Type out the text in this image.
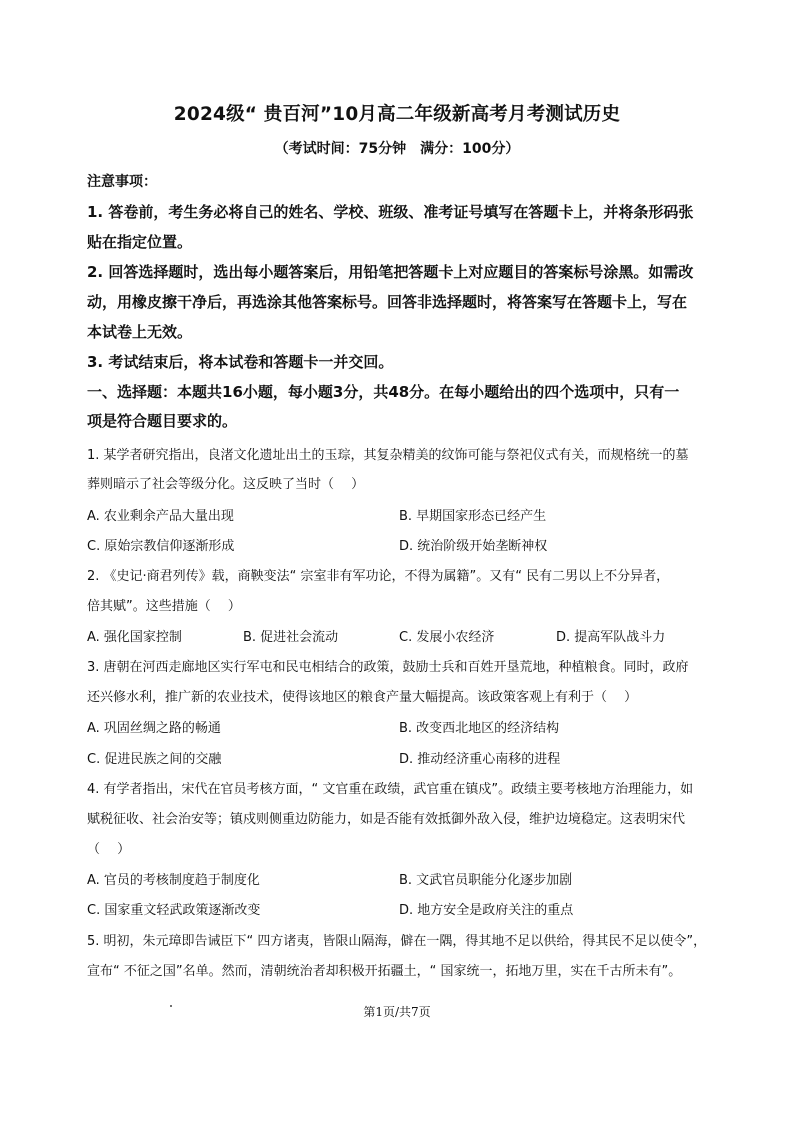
2024级“ 贵百河”10月高二年级新高考月考测试历史
（考试时间：75分钟　满分：100分）
注意事项：
1. 答卷前，考生务必将自己的姓名、学校、班级、准考证号填写在答题卡上，并将条形码张
贴在指定位置。
2. 回答选择题时，选出每小题答案后，用铅笔把答题卡上对应题目的答案标号涂黑。如需改
动，用橡皮擦干净后，再选涂其他答案标号。回答非选择题时，将答案写在答题卡上，写在
本试卷上无效。
3. 考试结束后，将本试卷和答题卡一并交回。
一、选择题：本题共16小题，每小题3分，共48分。在每小题给出的四个选项中，只有一
项是符合题目要求的。
1. 某学者研究指出，良渚文化遗址出土的玉琮，其复杂精美的纹饰可能与祭祀仪式有关，而规格统一的墓
葬则暗示了社会等级分化。这反映了当时（　 ）
A. 农业剩余产品大量出现	B. 早期国家形态已经产生
C. 原始宗教信仰逐渐形成	D. 统治阶级开始垄断神权
2. 《史记·商君列传》载，商鞅变法“ 宗室非有军功论，不得为属籍”。又有“ 民有二男以上不分异者，
倍其赋”。这些措施（　 ）
A. 强化国家控制	B. 促进社会流动	C. 发展小农经济	D. 提高军队战斗力
3. 唐朝在河西走廊地区实行军屯和民屯相结合的政策，鼓励士兵和百姓开垦荒地，种植粮食。同时，政府
还兴修水利，推广新的农业技术，使得该地区的粮食产量大幅提高。该政策客观上有利于（　 ）
A. 巩固丝绸之路的畅通	B. 改变西北地区的经济结构
C. 促进民族之间的交融	D. 推动经济重心南移的进程
4. 有学者指出，宋代在官员考核方面，“ 文官重在政绩，武官重在镇戍”。政绩主要考核地方治理能力，如
赋税征收、社会治安等；镇戍则侧重边防能力，如是否能有效抵御外敌入侵，维护边境稳定。这表明宋代
（　 ）
A. 官员的考核制度趋于制度化	B. 文武官员职能分化逐步加剧
C. 国家重文轻武政策逐渐改变	D. 地方安全是政府关注的重点
5. 明初，朱元璋即告诫臣下“ 四方诸夷，皆限山隔海，僻在一隅，得其地不足以供给，得其民不足以使令”，
宣布“ 不征之国”名单。然而，清朝统治者却积极开拓疆土，“ 国家统一，拓地万里，实在千古所未有”。
第1页/共7页
